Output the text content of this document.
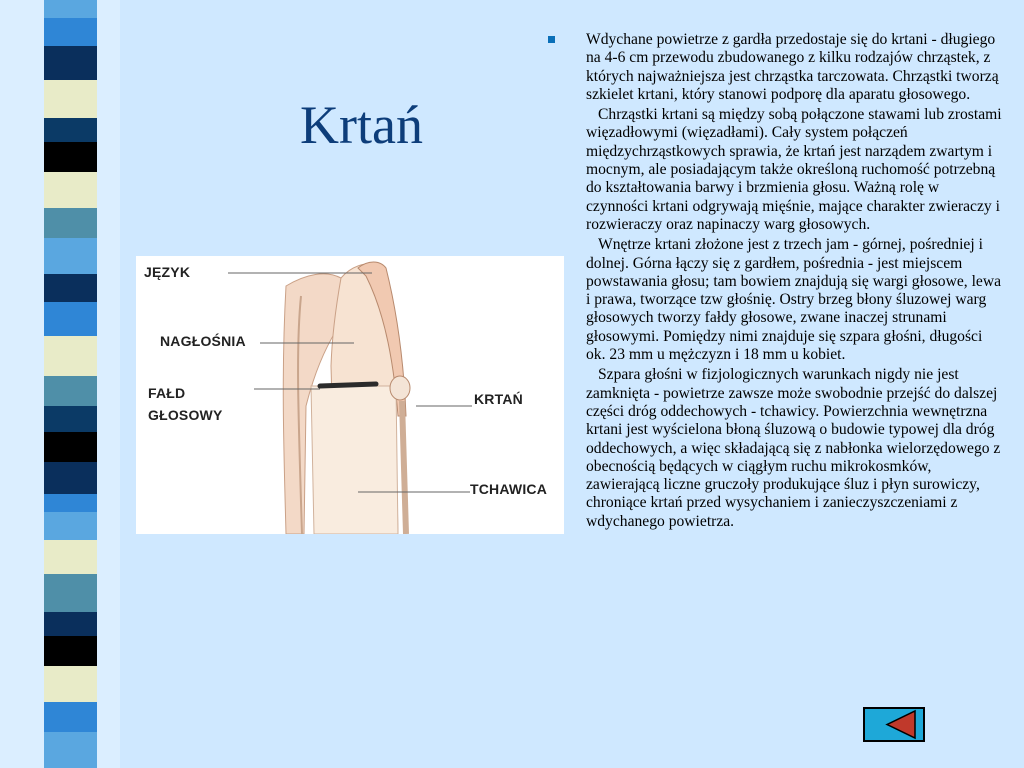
Krtań
JĘZYK
NAGŁOŚNIA
FAŁD
GŁOSOWY
KRTAŃ
TCHAWICA

Wdychane powietrze z gardła przedostaje się do krtani - długiego na 4-6 cm przewodu zbudowanego z kilku rodzajów chrząstek, z których najważniejsza jest chrząstka tarczowata. Chrząstki tworzą szkielet krtani, który stanowi podporę dla aparatu głosowego.

Chrząstki krtani są między sobą połączone stawami lub zrostami więzadłowymi (więzadłami). Cały system połączeń międzychrząstkowych sprawia, że krtań jest narządem zwartym i mocnym, ale posiadającym także określoną ruchomość potrzebną do kształtowania barwy i brzmienia głosu. Ważną rolę w czynności krtani odgrywają mięśnie, mające charakter zwieraczy i rozwieraczy oraz napinaczy warg głosowych.

Wnętrze krtani złożone jest z trzech jam - górnej, pośredniej i dolnej. Górna łączy się z gardłem, pośrednia - jest miejscem powstawania głosu; tam bowiem znajdują się wargi głosowe, lewa i prawa, tworzące tzw głośnię. Ostry brzeg błony śluzowej warg głosowych tworzy fałdy głosowe, zwane inaczej strunami głosowymi. Pomiędzy nimi znajduje się szpara głośni, długości ok. 23 mm u mężczyzn i 18 mm u kobiet.

Szpara głośni w fizjologicznych warunkach nigdy nie jest zamknięta - powietrze zawsze może swobodnie przejść do dalszej części dróg oddechowych - tchawicy. Powierzchnia wewnętrzna krtani jest wyścielona błoną śluzową o budowie typowej dla dróg oddechowych, a więc składającą się z nabłonka wielorzędowego z obecnością będących w ciągłym ruchu mikrokosmków, zawierającą liczne gruczoły produkujące śluz i płyn surowiczy, chroniące krtań przed wysychaniem i zanieczyszczeniami z wdychanego powietrza.
